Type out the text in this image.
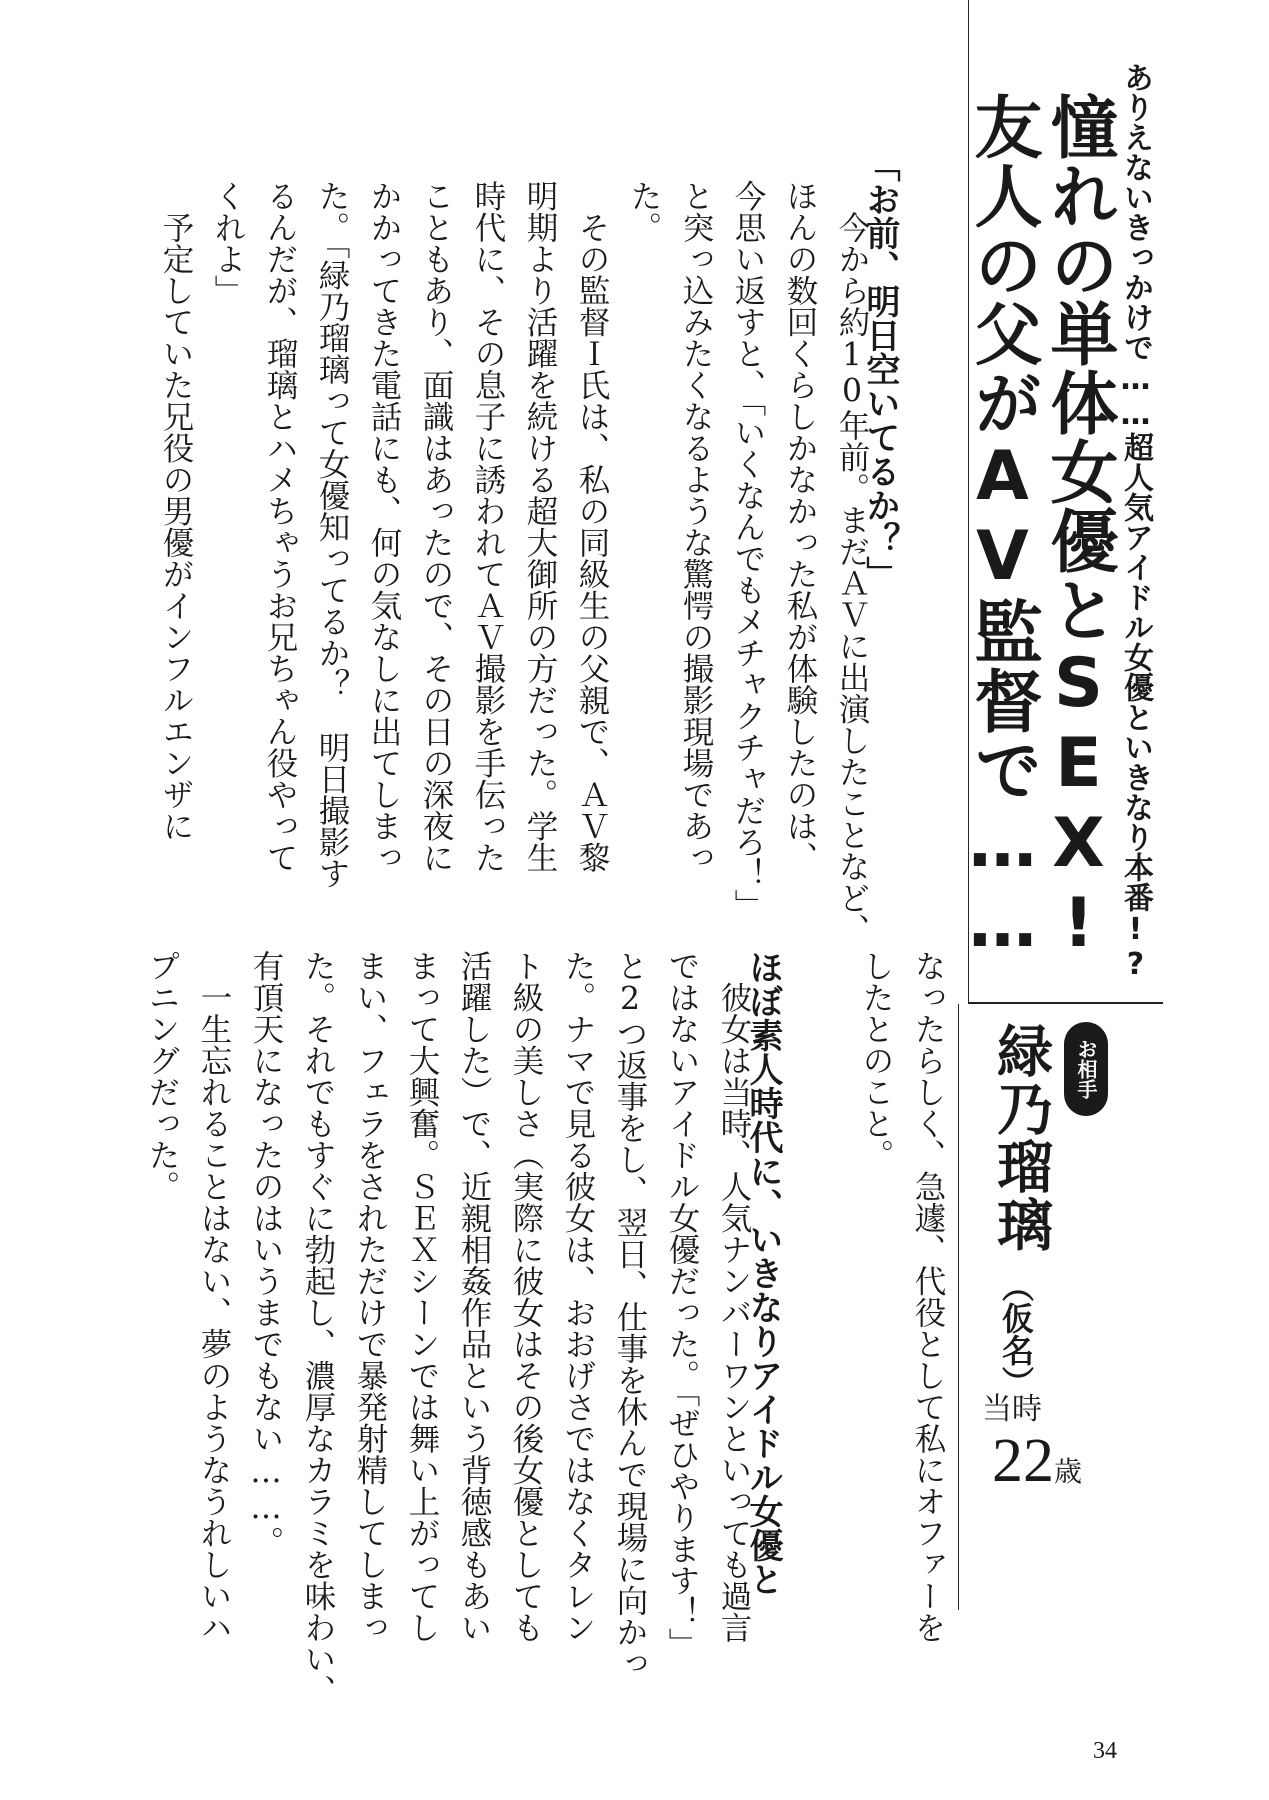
ありえないきっかけで……超人気アイドル女優といきなり本番!?
憧れの単体女優とSEX!
友人の父がAV監督で……
お相手
緑乃瑠璃
（仮名）
当時
22歳
「お前、明日空いてるか？」
　今から約10年前。まだＡＶに出演したことなど、
ほんの数回くらしかなかった私が体験したのは、
今思い返すと、「いくなんでもメチャクチャだろ！」
と突っ込みたくなるような驚愕の撮影現場であっ
た。
　その監督Ｉ氏は、私の同級生の父親で、ＡＶ黎
明期より活躍を続ける超大御所の方だった。学生
時代に、その息子に誘われてＡＶ撮影を手伝った
こともあり、面識はあったので、その日の深夜に
かかってきた電話にも、何の気なしに出てしまっ
た。「緑乃瑠璃って女優知ってるか？　明日撮影す
るんだが、瑠璃とハメちゃうお兄ちゃん役やって
くれよ」
　予定していた兄役の男優がインフルエンザに
なったらしく、急遽、代役として私にオファーを
したとのこと。
ほぼ素人時代に、いきなりアイドル女優と
　彼女は当時、人気ナンバーワンといっても過言
ではないアイドル女優だった。「ぜひやります！」
と2つ返事をし、翌日、仕事を休んで現場に向かっ
た。ナマで見る彼女は、おおげさではなくタレン
ト級の美しさ（実際に彼女はその後女優としても
活躍した）で、近親相姦作品という背徳感もあい
まって大興奮。ＳＥＸシーンでは舞い上がってし
まい、フェラをされただけで暴発射精してしまっ
た。それでもすぐに勃起し、濃厚なカラミを味わい、
有頂天になったのはいうまでもない……。
　一生忘れることはない、夢のようなうれしいハ
プニングだった。
34
